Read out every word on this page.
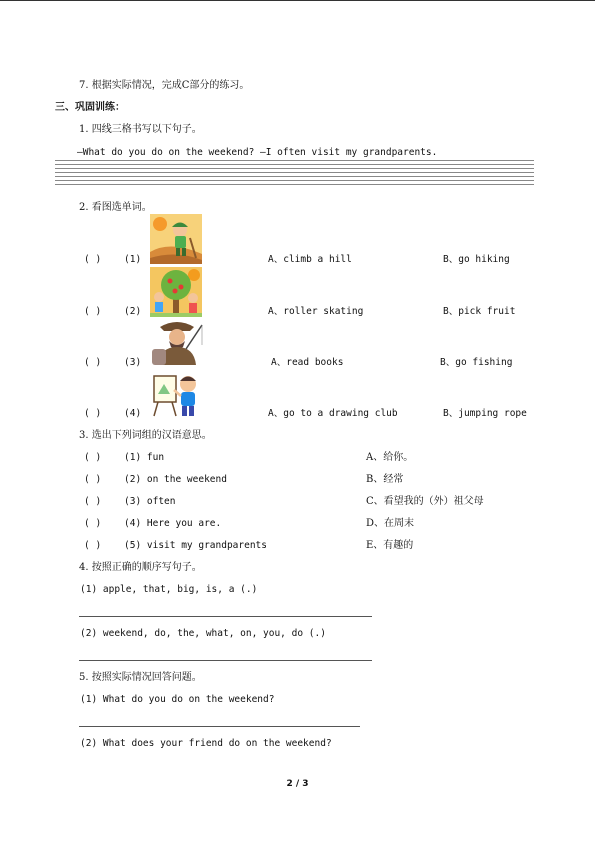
7. 根据实际情况，完成C部分的练习。
三、巩固训练：
1. 四线三格书写以下句子。
—What do you do on the weekend? —I often visit my grandparents.
2. 看图选单词。
( ) (1)	A、climb a hill	B、go hiking
( ) (2)	A、roller skating	B、pick fruit
( ) (3)	A、read books	B、go fishing
( ) (4)	A、go to a drawing club	B、jumping rope
3. 选出下列词组的汉语意思。
( ) (1) fun	A、给你。
( ) (2) on the weekend	B、经常
( ) (3) often	C、看望我的（外）祖父母
( ) (4) Here you are.	D、在周末
( ) (5) visit my grandparents	E、有趣的
4. 按照正确的顺序写句子。
(1) apple, that, big, is, a (.)
(2) weekend, do, the, what, on, you, do (.)
5. 按照实际情况回答问题。
(1) What do you do on the weekend?
(2) What does your friend do on the weekend?
2 / 3
